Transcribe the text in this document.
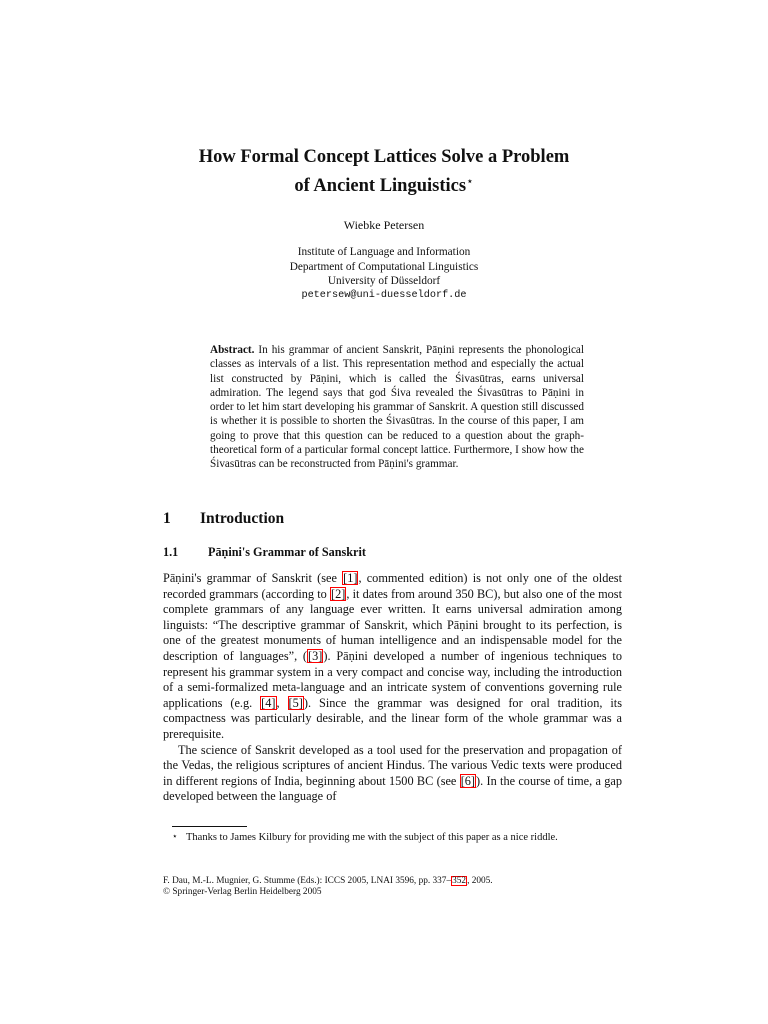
How Formal Concept Lattices Solve a Problem
of Ancient Linguistics⋆
Wiebke Petersen
Institute of Language and Information
Department of Computational Linguistics
University of Düsseldorf
petersew@uni-duesseldorf.de
Abstract. In his grammar of ancient Sanskrit, Pāṇini represents the phonological classes as intervals of a list. This representation method and especially the actual list constructed by Pāṇini, which is called the Śivasūtras, earns universal admiration. The legend says that god Śiva revealed the Śivasūtras to Pāṇini in order to let him start developing his grammar of Sanskrit. A question still discussed is whether it is possible to shorten the Śivasūtras. In the course of this paper, I am going to prove that this question can be reduced to a question about the graph-theoretical form of a particular formal concept lattice. Furthermore, I show how the Śivasūtras can be reconstructed from Pāṇini's grammar.
1 Introduction
1.1 Pāṇini's Grammar of Sanskrit

Pāṇini's grammar of Sanskrit (see [1], commented edition) is not only one of the oldest recorded grammars (according to [2], it dates from around 350 BC), but also one of the most complete grammars of any language ever written. It earns universal admiration among linguists: “The descriptive grammar of Sanskrit, which Pāṇini brought to its perfection, is one of the greatest monuments of human intelligence and an indispensable model for the description of languages”, ([3]). Pāṇini developed a number of ingenious techniques to represent his grammar system in a very compact and concise way, including the introduction of a semi-formalized meta-language and an intricate system of conventions governing rule applications (e.g. [4], [5]). Since the grammar was designed for oral tradition, its compactness was particularly desirable, and the linear form of the whole grammar was a prerequisite.

The science of Sanskrit developed as a tool used for the preservation and propagation of the Vedas, the religious scriptures of ancient Hindus. The various Vedic texts were produced in different regions of India, beginning about 1500 BC (see [6]). In the course of time, a gap developed between the language of

⋆ Thanks to James Kilbury for providing me with the subject of this paper as a nice riddle.
F. Dau, M.-L. Mugnier, G. Stumme (Eds.): ICCS 2005, LNAI 3596, pp. 337–352, 2005.
© Springer-Verlag Berlin Heidelberg 2005
